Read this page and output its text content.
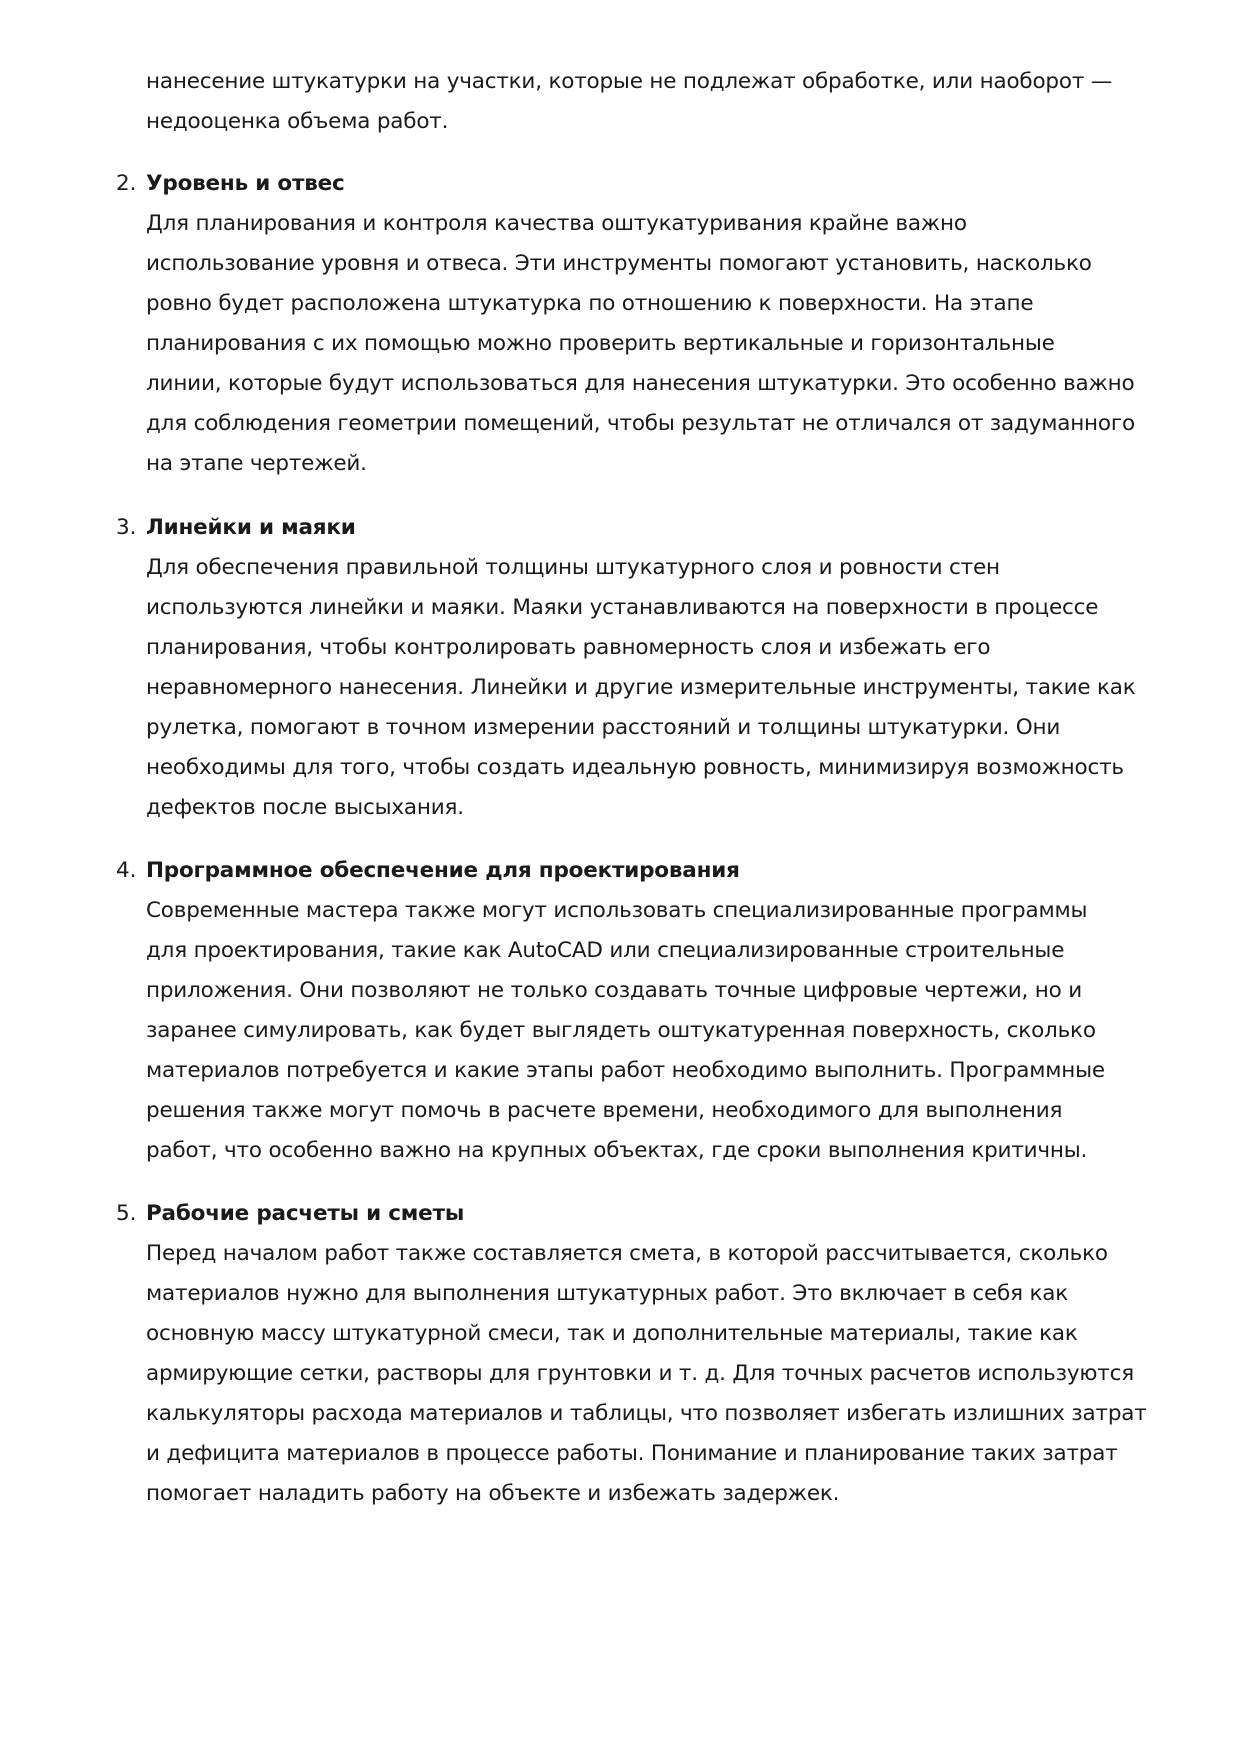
нанесение штукатурки на участки, которые не подлежат обработке, или наоборот —
недооценка объема работ.
2. Уровень и отвес
Для планирования и контроля качества оштукатуривания крайне важно
использование уровня и отвеса. Эти инструменты помогают установить, насколько
ровно будет расположена штукатурка по отношению к поверхности. На этапе
планирования с их помощью можно проверить вертикальные и горизонтальные
линии, которые будут использоваться для нанесения штукатурки. Это особенно важно
для соблюдения геометрии помещений, чтобы результат не отличался от задуманного
на этапе чертежей.
3. Линейки и маяки
Для обеспечения правильной толщины штукатурного слоя и ровности стен
используются линейки и маяки. Маяки устанавливаются на поверхности в процессе
планирования, чтобы контролировать равномерность слоя и избежать его
неравномерного нанесения. Линейки и другие измерительные инструменты, такие как
рулетка, помогают в точном измерении расстояний и толщины штукатурки. Они
необходимы для того, чтобы создать идеальную ровность, минимизируя возможность
дефектов после высыхания.
4. Программное обеспечение для проектирования
Современные мастера также могут использовать специализированные программы
для проектирования, такие как AutoCAD или специализированные строительные
приложения. Они позволяют не только создавать точные цифровые чертежи, но и
заранее симулировать, как будет выглядеть оштукатуренная поверхность, сколько
материалов потребуется и какие этапы работ необходимо выполнить. Программные
решения также могут помочь в расчете времени, необходимого для выполнения
работ, что особенно важно на крупных объектах, где сроки выполнения критичны.
5. Рабочие расчеты и сметы
Перед началом работ также составляется смета, в которой рассчитывается, сколько
материалов нужно для выполнения штукатурных работ. Это включает в себя как
основную массу штукатурной смеси, так и дополнительные материалы, такие как
армирующие сетки, растворы для грунтовки и т. д. Для точных расчетов используются
калькуляторы расхода материалов и таблицы, что позволяет избегать излишних затрат
и дефицита материалов в процессе работы. Понимание и планирование таких затрат
помогает наладить работу на объекте и избежать задержек.
